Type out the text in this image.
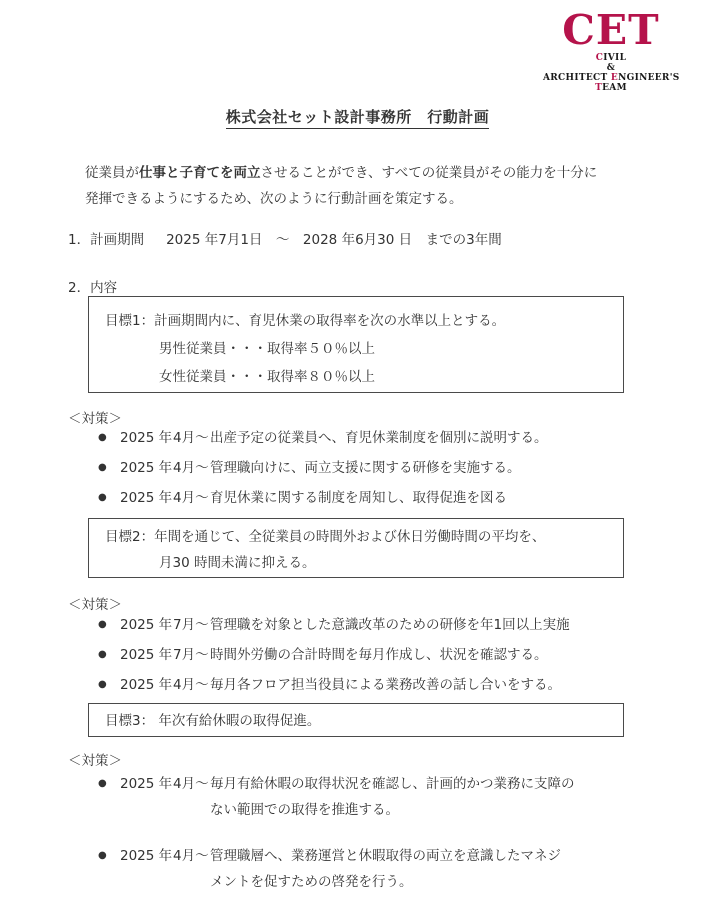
CET
CIVIL
&
ARCHITECT ENGINEER'S
TEAM
株式会社セット設計事務所　行動計画
従業員が仕事と子育てを両立させることができ、すべての従業員がその能力を十分に
発揮できるようにするため、次のように行動計画を策定する。
1．計画期間 2025 年7月1日　～　2028 年6月30 日　までの3年間
2．内容
目標1：計画期間内に、育児休業の取得率を次の水準以上とする。
男性従業員・・・取得率５０％以上
女性従業員・・・取得率８０％以上
＜対策＞
● 2025 年 4月～ 出産予定の従業員へ、育児休業制度を個別に説明する。
● 2025 年 4月～ 管理職向けに、両立支援に関する研修を実施する。
● 2025 年 4月～ 育児休業に関する制度を周知し、取得促進を図る
目標2：年間を通じて、全従業員の時間外および休日労働時間の平均を、
月30 時間未満に抑える。
＜対策＞
● 2025 年 7月～ 管理職を対象とした意識改革のための研修を年1回以上実施
● 2025 年 7月～ 時間外労働の合計時間を毎月作成し、状況を確認する。
● 2025 年 4月～ 毎月各フロア担当役員による業務改善の話し合いをする。
目標3： 年次有給休暇の取得促進。
＜対策＞
● 2025 年 4月～ 毎月有給休暇の取得状況を確認し、計画的かつ業務に支障の
ない範囲での取得を推進する。
● 2025 年 4月～ 管理職層へ、業務運営と休暇取得の両立を意識したマネジ
メントを促すための啓発を行う。
